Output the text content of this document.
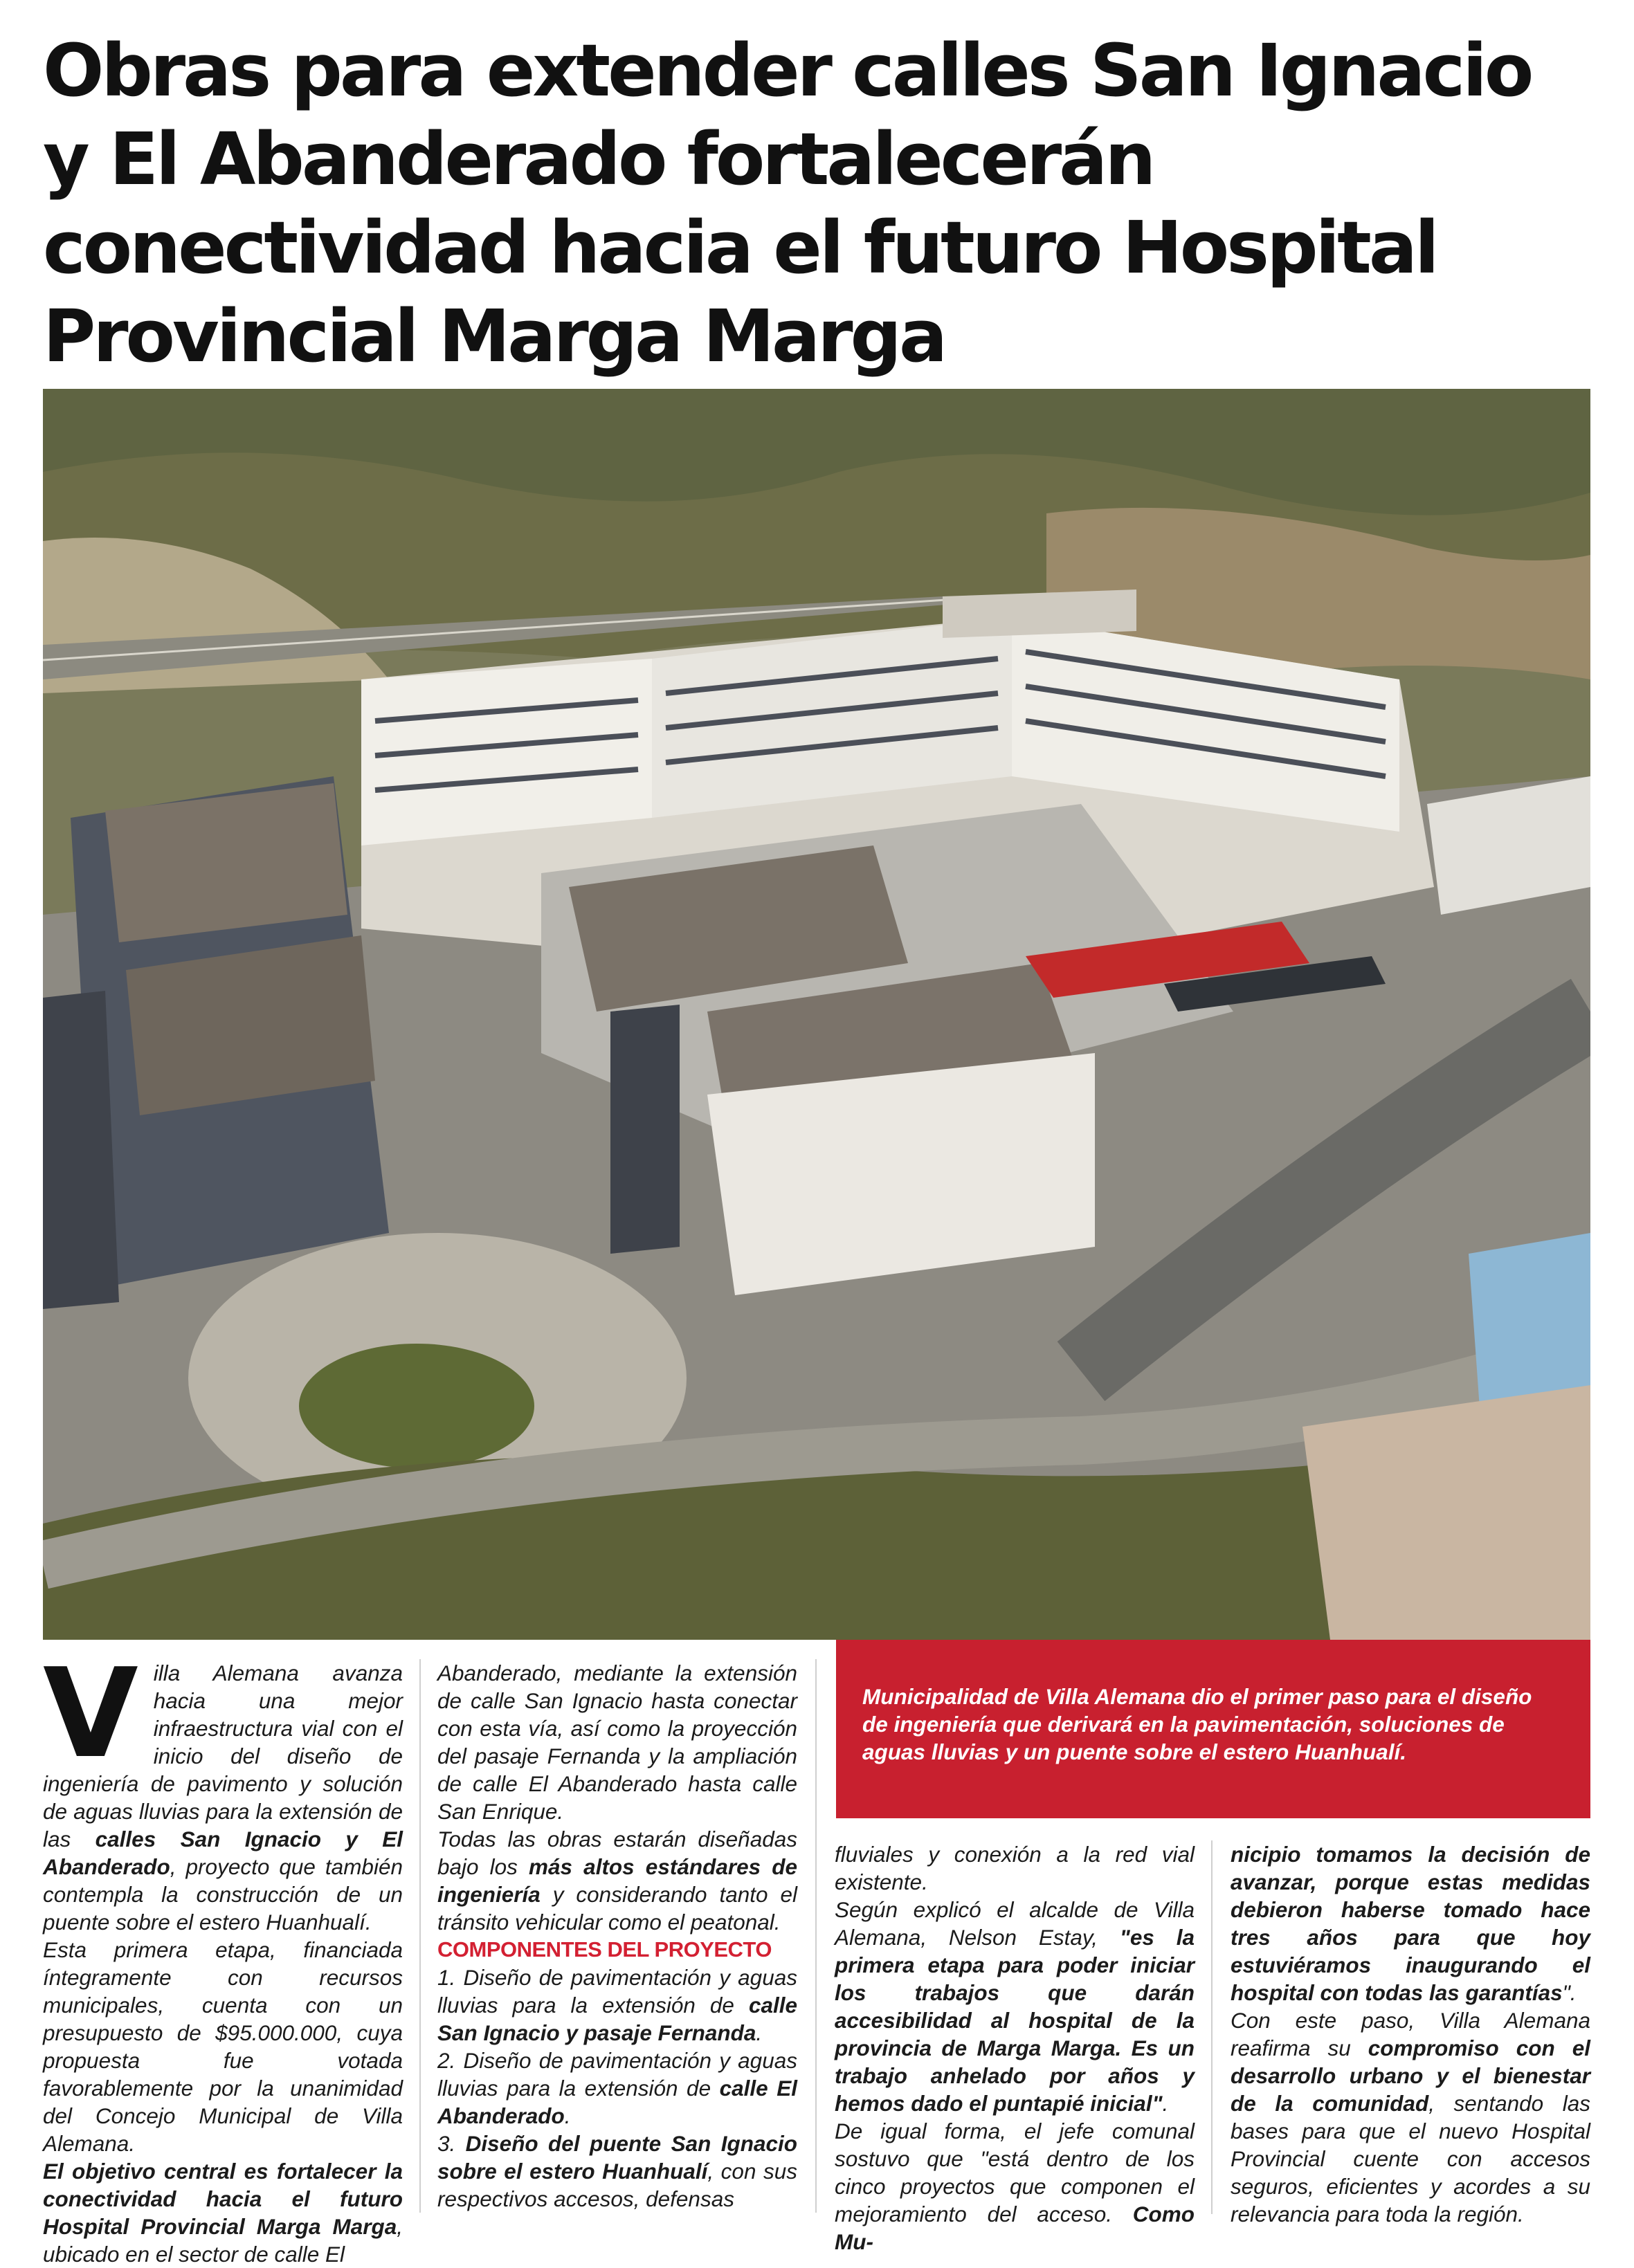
Obras para extender calles San Ignacio y El Abanderado fortalecerán conectividad hacia el futuro Hospital Provincial Marga Marga

Municipalidad de Villa Alemana dio el primer paso para el diseño de ingeniería que derivará en la pavimentación, soluciones de aguas lluvias y un puente sobre el estero Huanhualí.

Villa Alemana avanza hacia una mejor infraestructura vial con el inicio del diseño de ingeniería de pavimento y solución de aguas lluvias para la extensión de las calles San Ignacio y El Abanderado, proyecto que también contempla la construcción de un puente sobre el estero Huanhualí.

Esta primera etapa, financiada íntegramente con recursos municipales, cuenta con un presupuesto de $95.000.000, cuya propuesta fue votada favorablemente por la unanimidad del Concejo Municipal de Villa Alemana.

El objetivo central es fortalecer la conectividad hacia el futuro Hospital Provincial Marga Marga, ubicado en el sector de calle El

Abanderado, mediante la extensión de calle San Ignacio hasta conectar con esta vía, así como la proyección del pasaje Fernanda y la ampliación de calle El Abanderado hasta calle San Enrique.

Todas las obras estarán diseñadas bajo los más altos estándares de ingeniería y considerando tanto el tránsito vehicular como el peatonal.

COMPONENTES DEL PROYECTO

1. Diseño de pavimentación y aguas lluvias para la extensión de calle San Ignacio y pasaje Fernanda.

2. Diseño de pavimentación y aguas lluvias para la extensión de calle El Abanderado.

3. Diseño del puente San Ignacio sobre el estero Huanhualí, con sus respectivos accesos, defensas

fluviales y conexión a la red vial existente.

Según explicó el alcalde de Villa Alemana, Nelson Estay, "es la primera etapa para poder iniciar los trabajos que darán accesibilidad al hospital de la provincia de Marga Marga. Es un trabajo anhelado por años y hemos dado el puntapié inicial".

De igual forma, el jefe comunal sostuvo que "está dentro de los cinco proyectos que componen el mejoramiento del acceso. Como Mu-

nicipio tomamos la decisión de avanzar, porque estas medidas debieron haberse tomado hace tres años para que hoy estuviéramos inaugurando el hospital con todas las garantías".

Con este paso, Villa Alemana reafirma su compromiso con el desarrollo urbano y el bienestar de la comunidad, sentando las bases para que el nuevo Hospital Provincial cuente con accesos seguros, eficientes y acordes a su relevancia para toda la región.
